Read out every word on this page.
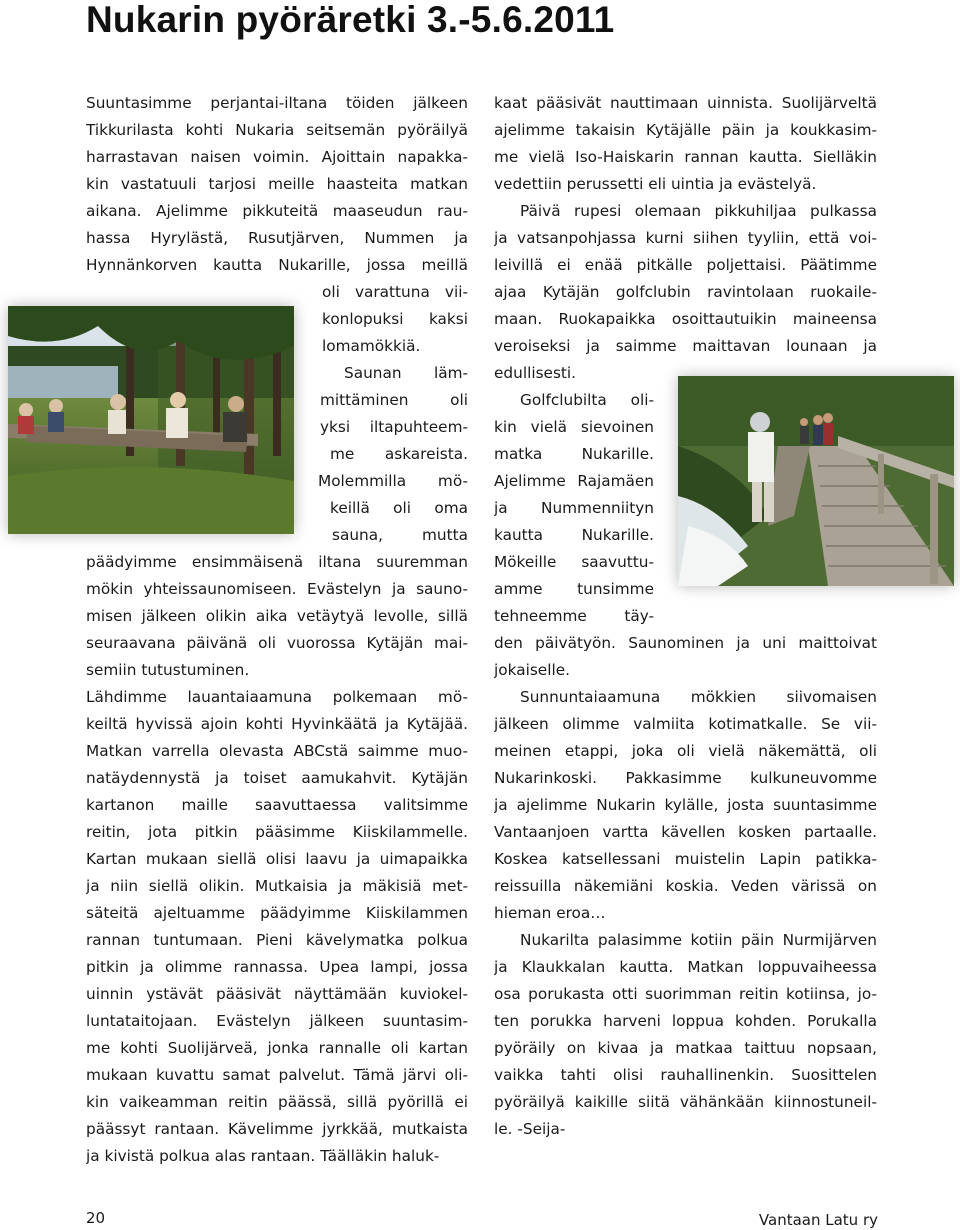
Nukarin pyöräretki 3.-5.6.2011
Suuntasimme perjantai-iltana töiden jälkeen
Tikkurilasta kohti Nukaria seitsemän pyöräilyä
harrastavan naisen voimin. Ajoittain napakka-
kin vastatuuli tarjosi meille haasteita matkan
aikana. Ajelimme pikkuteitä maaseudun rau-
hassa Hyrylästä, Rusutjärven, Nummen ja
Hynnänkorven kautta Nukarille, jossa meillä
oli varattuna vii-
konlopuksi kaksi
lomamökkiä.
Saunan läm-
mittäminen oli
yksi iltapuhteem-
me askareista.
Molemmilla mö-
keillä oli oma
sauna, mutta
päädyimme ensimmäisenä iltana suuremman
mökin yhteissaunomiseen. Evästelyn ja sauno-
misen jälkeen olikin aika vetäytyä levolle, sillä
seuraavana päivänä oli vuorossa Kytäjän mai-
semiin tutustuminen.
Lähdimme lauantaiaamuna polkemaan mö-
keiltä hyvissä ajoin kohti Hyvinkäätä ja Kytäjää.
Matkan varrella olevasta ABCstä saimme muo-
natäydennystä ja toiset aamukahvit. Kytäjän
kartanon maille saavuttaessa valitsimme
reitin, jota pitkin pääsimme Kiiskilammelle.
Kartan mukaan siellä olisi laavu ja uimapaikka
ja niin siellä olikin. Mutkaisia ja mäkisiä met-
säteitä ajeltuamme päädyimme Kiiskilammen
rannan tuntumaan. Pieni kävelymatka polkua
pitkin ja olimme rannassa. Upea lampi, jossa
uinnin ystävät pääsivät näyttämään kuviokel-
luntataitojaan. Evästelyn jälkeen suuntasim-
me kohti Suolijärveä, jonka rannalle oli kartan
mukaan kuvattu samat palvelut. Tämä järvi oli-
kin vaikeamman reitin päässä, sillä pyörillä ei
päässyt rantaan. Kävelimme jyrkkää, mutkaista
ja kivistä polkua alas rantaan. Täälläkin haluk-
kaat pääsivät nauttimaan uinnista. Suolijärveltä
ajelimme takaisin Kytäjälle päin ja koukkasim-
me vielä Iso-Haiskarin rannan kautta. Sielläkin
vedettiin perussetti eli uintia ja evästelyä.
Päivä rupesi olemaan pikkuhiljaa pulkassa
ja vatsanpohjassa kurni siihen tyyliin, että voi-
leivillä ei enää pitkälle poljettaisi. Päätimme
ajaa Kytäjän golfclubin ravintolaan ruokaile-
maan. Ruokapaikka osoittautuikin maineensa
veroiseksi ja saimme maittavan lounaan ja
edullisesti.
Golfclubilta oli-
kin vielä sievoinen
matka Nukarille.
Ajelimme Rajamäen
ja Nummenniityn
kautta Nukarille.
Mökeille saavuttu-
amme tunsimme
tehneemme täy-
den päivätyön. Saunominen ja uni maittoivat
jokaiselle.
Sunnuntaiaamuna mökkien siivomaisen
jälkeen olimme valmiita kotimatkalle. Se vii-
meinen etappi, joka oli vielä näkemättä, oli
Nukarinkoski. Pakkasimme kulkuneuvomme
ja ajelimme Nukarin kylälle, josta suuntasimme
Vantaanjoen vartta kävellen kosken partaalle.
Koskea katsellessani muistelin Lapin patikka-
reissuilla näkemiäni koskia. Veden värissä on
hieman eroa…
Nukarilta palasimme kotiin päin Nurmijärven
ja Klaukkalan kautta. Matkan loppuvaiheessa
osa porukasta otti suorimman reitin kotiinsa, jo-
ten porukka harveni loppua kohden. Porukalla
pyöräily on kivaa ja matkaa taittuu nopsaan,
vaikka tahti olisi rauhallinenkin. Suosittelen
pyöräilyä kaikille siitä vähänkään kiinnostuneil-
le. -Seija-
20	Vantaan Latu ry
